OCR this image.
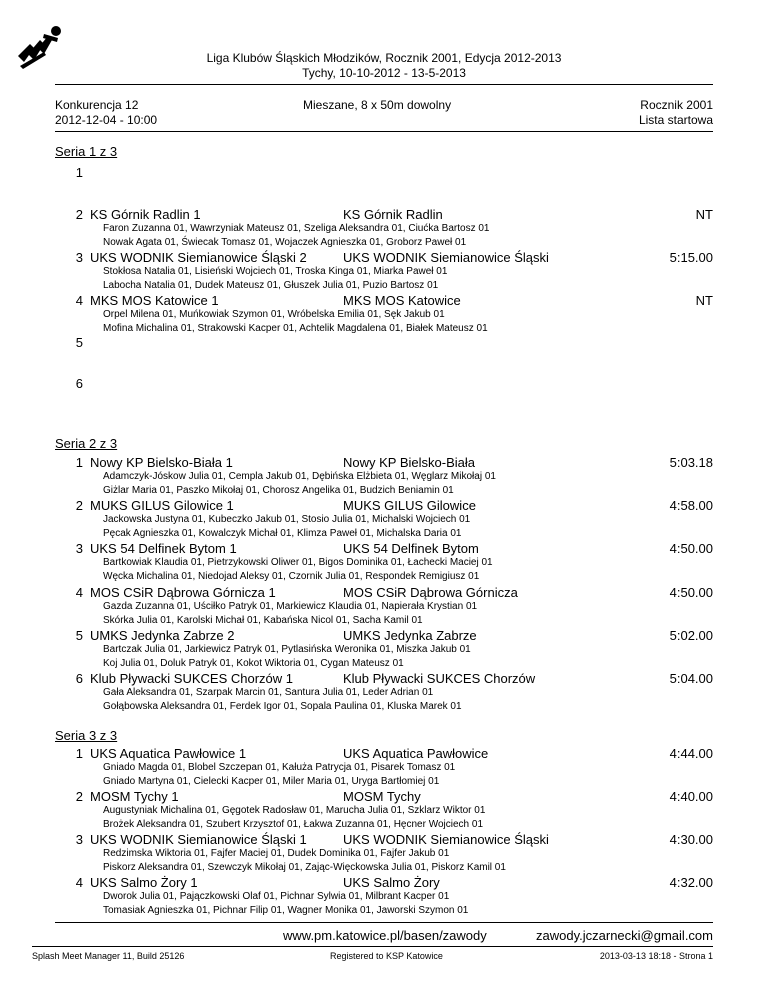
Liga Klubów Śląskich Młodzików, Rocznik 2001, Edycja 2012-2013
Tychy, 10-10-2012 - 13-5-2013
Konkurencja 12
2012-12-04 - 10:00
Mieszane, 8 x 50m dowolny	Rocznik 2001
Lista startowa
Seria 1 z 3
1
2 KS Górnik Radlin 1	KS Górnik Radlin	NT
Faron Zuzanna 01, Wawrzyniak Mateusz 01, Szeliga Aleksandra 01, Ciućka Bartosz 01
Nowak Agata 01, Świecak Tomasz 01, Wojaczek Agnieszka 01, Groborz Paweł 01
3 UKS WODNIK Siemianowice Śląski 2	UKS WODNIK Siemianowice Śląski	5:15.00
Stokłosa Natalia 01, Lisieński Wojciech 01, Troska Kinga 01, Miarka Paweł 01
Labocha Natalia 01, Dudek Mateusz 01, Głuszek Julia 01, Puzio Bartosz 01
4 MKS MOS Katowice 1	MKS MOS Katowice	NT
Orpel Milena 01, Muńkowiak Szymon 01, Wróbelska Emilia 01, Sęk Jakub 01
Mofina Michalina 01, Strakowski Kacper 01, Achtelik Magdalena 01, Białek Mateusz 01
5
6
Seria 2 z 3
1 Nowy KP Bielsko-Biała 1	Nowy KP Bielsko-Biała	5:03.18
Adamczyk-Jóskow Julia 01, Cempla Jakub 01, Dębińska Elżbieta 01, Węglarz Mikołaj 01
Giżlar Maria 01, Paszko Mikołaj 01, Chorosz Angelika 01, Budzich Beniamin 01
2 MUKS GILUS Gilowice 1	MUKS GILUS Gilowice	4:58.00
Jackowska Justyna 01, Kubeczko Jakub 01, Stosio Julia 01, Michalski Wojciech 01
Pęcak Agnieszka 01, Kowalczyk Michał 01, Klimza Paweł 01, Michalska Daria 01
3 UKS 54 Delfinek Bytom 1	UKS 54 Delfinek Bytom	4:50.00
Bartkowiak Klaudia 01, Pietrzykowski Oliwer 01, Bigos Dominika 01, Łachecki Maciej 01
Węcka Michalina 01, Niedojad Aleksy 01, Czornik Julia 01, Respondek Remigiusz 01
4 MOS CSiR Dąbrowa Górnicza 1	MOS CSiR Dąbrowa Górnicza	4:50.00
Gazda Zuzanna 01, Uściłko Patryk 01, Markiewicz Klaudia 01, Napierała Krystian 01
Skórka Julia 01, Karolski Michał 01, Kabańska Nicol 01, Sacha Kamil 01
5 UMKS Jedynka Zabrze 2	UMKS Jedynka Zabrze	5:02.00
Bartczak Julia 01, Jarkiewicz Patryk 01, Pytlasińska Weronika 01, Miszka Jakub 01
Koj Julia 01, Doluk Patryk 01, Kokot Wiktoria 01, Cygan Mateusz 01
6 Klub Pływacki SUKCES Chorzów 1	Klub Pływacki SUKCES Chorzów	5:04.00
Gała Aleksandra 01, Szarpak Marcin 01, Santura Julia 01, Leder Adrian 01
Gołąbowska Aleksandra 01, Ferdek Igor 01, Sopala Paulina 01, Kluska Marek 01
Seria 3 z 3
1 UKS Aquatica Pawłowice 1	UKS Aquatica Pawłowice	4:44.00
Gniado Magda 01, Blobel Szczepan 01, Kałuża Patrycja 01, Pisarek Tomasz 01
Gniado Martyna 01, Cielecki Kacper 01, Miler Maria 01, Uryga Bartłomiej 01
2 MOSM Tychy 1	MOSM Tychy	4:40.00
Augustyniak Michalina 01, Gęgotek Radosław 01, Marucha Julia 01, Szklarz Wiktor 01
Brożek Aleksandra 01, Szubert Krzysztof 01, Łakwa Zuzanna 01, Hęcner Wojciech 01
3 UKS WODNIK Siemianowice Śląski 1	UKS WODNIK Siemianowice Śląski	4:30.00
Redzimska Wiktoria 01, Fajfer Maciej 01, Dudek Dominika 01, Fajfer Jakub 01
Piskorz Aleksandra 01, Szewczyk Mikołaj 01, Zając-Więckowska Julia 01, Piskorz Kamil 01
4 UKS Salmo Żory 1	UKS Salmo Żory	4:32.00
Dworok Julia 01, Pajączkowski Olaf 01, Pichnar Sylwia 01, Milbrant Kacper 01
Tomasiak Agnieszka 01, Pichnar Filip 01, Wagner Monika 01, Jaworski Szymon 01
www.pm.katowice.pl/basen/zawody	zawody.jczarnecki@gmail.com
Splash Meet Manager 11, Build 25126	Registered to KSP Katowice	2013-03-13 18:18 - Strona 1
